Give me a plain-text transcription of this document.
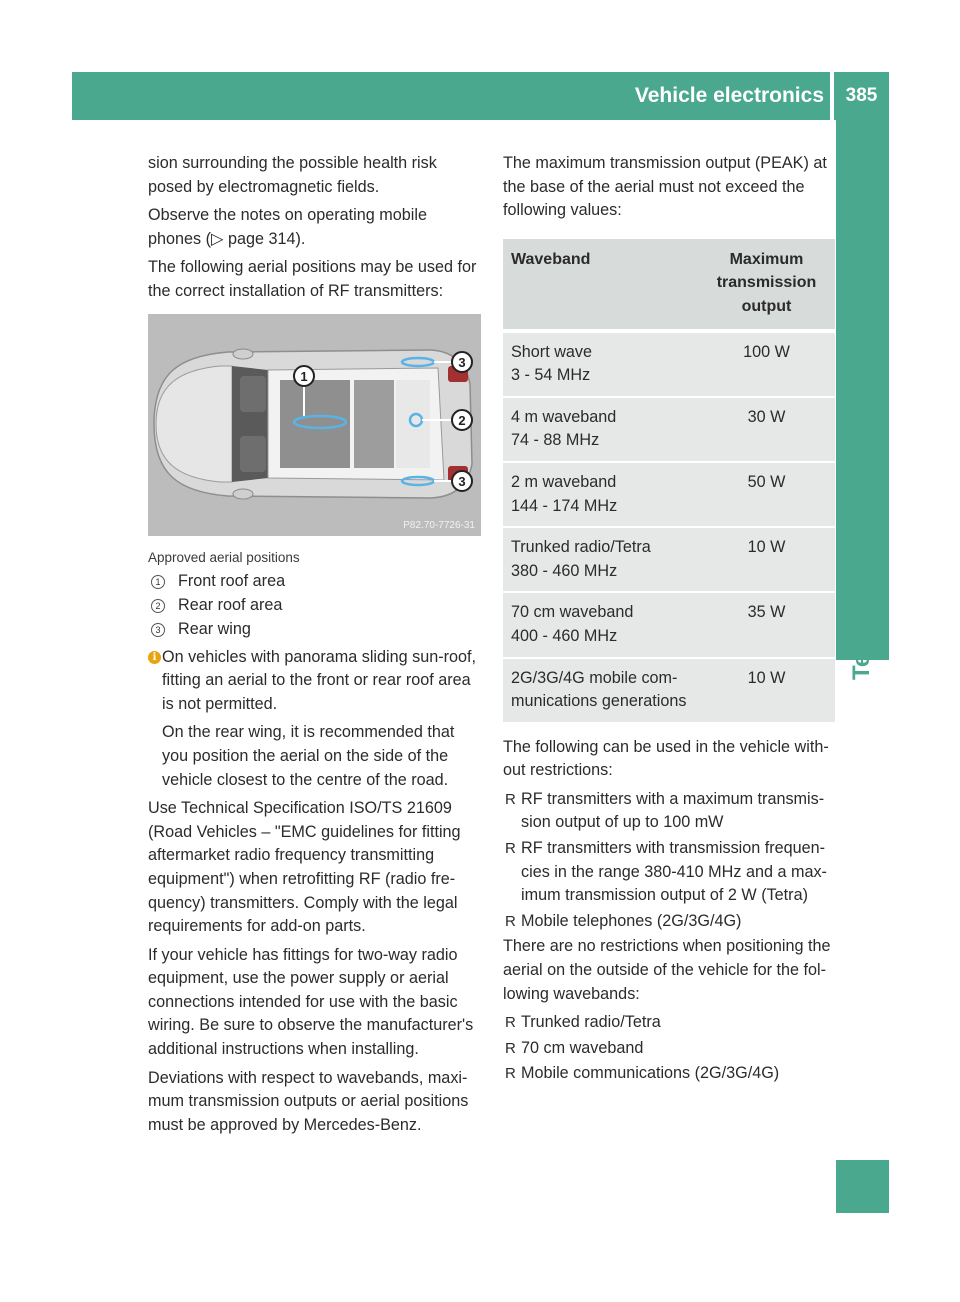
Vehicle electronics	385
Technical data

sion surrounding the possible health risk posed by electromagnetic fields.

Observe the notes on operating mobile phones (▷ page 314).

The following aerial positions may be used for the correct installation of RF transmitters:

1
3
2
3
P82.70-7726-31
Approved aerial positions
1 Front roof area
2 Rear roof area
3 Rear wing
i On vehicles with panorama sliding sun-roof, fitting an aerial to the front or rear roof area is not permitted.

On the rear wing, it is recommended that you position the aerial on the side of the vehicle closest to the centre of the road.

Use Technical Specification ISO/TS 21609 (Road Vehicles – "EMC guidelines for fitting aftermarket radio frequency transmitting equipment") when retrofitting RF (radio fre-quency) transmitters. Comply with the legal requirements for add-on parts.

If your vehicle has fittings for two-way radio equipment, use the power supply or aerial connections intended for use with the basic wiring. Be sure to observe the manufacturer's additional instructions when installing.

Deviations with respect to wavebands, maxi-mum transmission outputs or aerial positions must be approved by Mercedes-Benz.

The maximum transmission output (PEAK) at the base of the aerial must not exceed the following values:

Waveband	Maximum transmission output
Short wave
3 - 54 MHz	100 W
4 m waveband
74 - 88 MHz	30 W
2 m waveband
144 - 174 MHz	50 W
Trunked radio/Tetra
380 - 460 MHz	10 W
70 cm waveband
400 - 460 MHz	35 W
2G/3G/4G mobile com-
munications generations	10 W

The following can be used in the vehicle with-out restrictions:

R RF transmitters with a maximum transmis-sion output of up to 100 mW
R RF transmitters with transmission frequen-cies in the range 380-410 MHz and a max-imum transmission output of 2 W (Tetra)
R Mobile telephones (2G/3G/4G)

There are no restrictions when positioning the aerial on the outside of the vehicle for the fol-lowing wavebands:

R Trunked radio/Tetra
R 70 cm waveband
R Mobile communications (2G/3G/4G)
